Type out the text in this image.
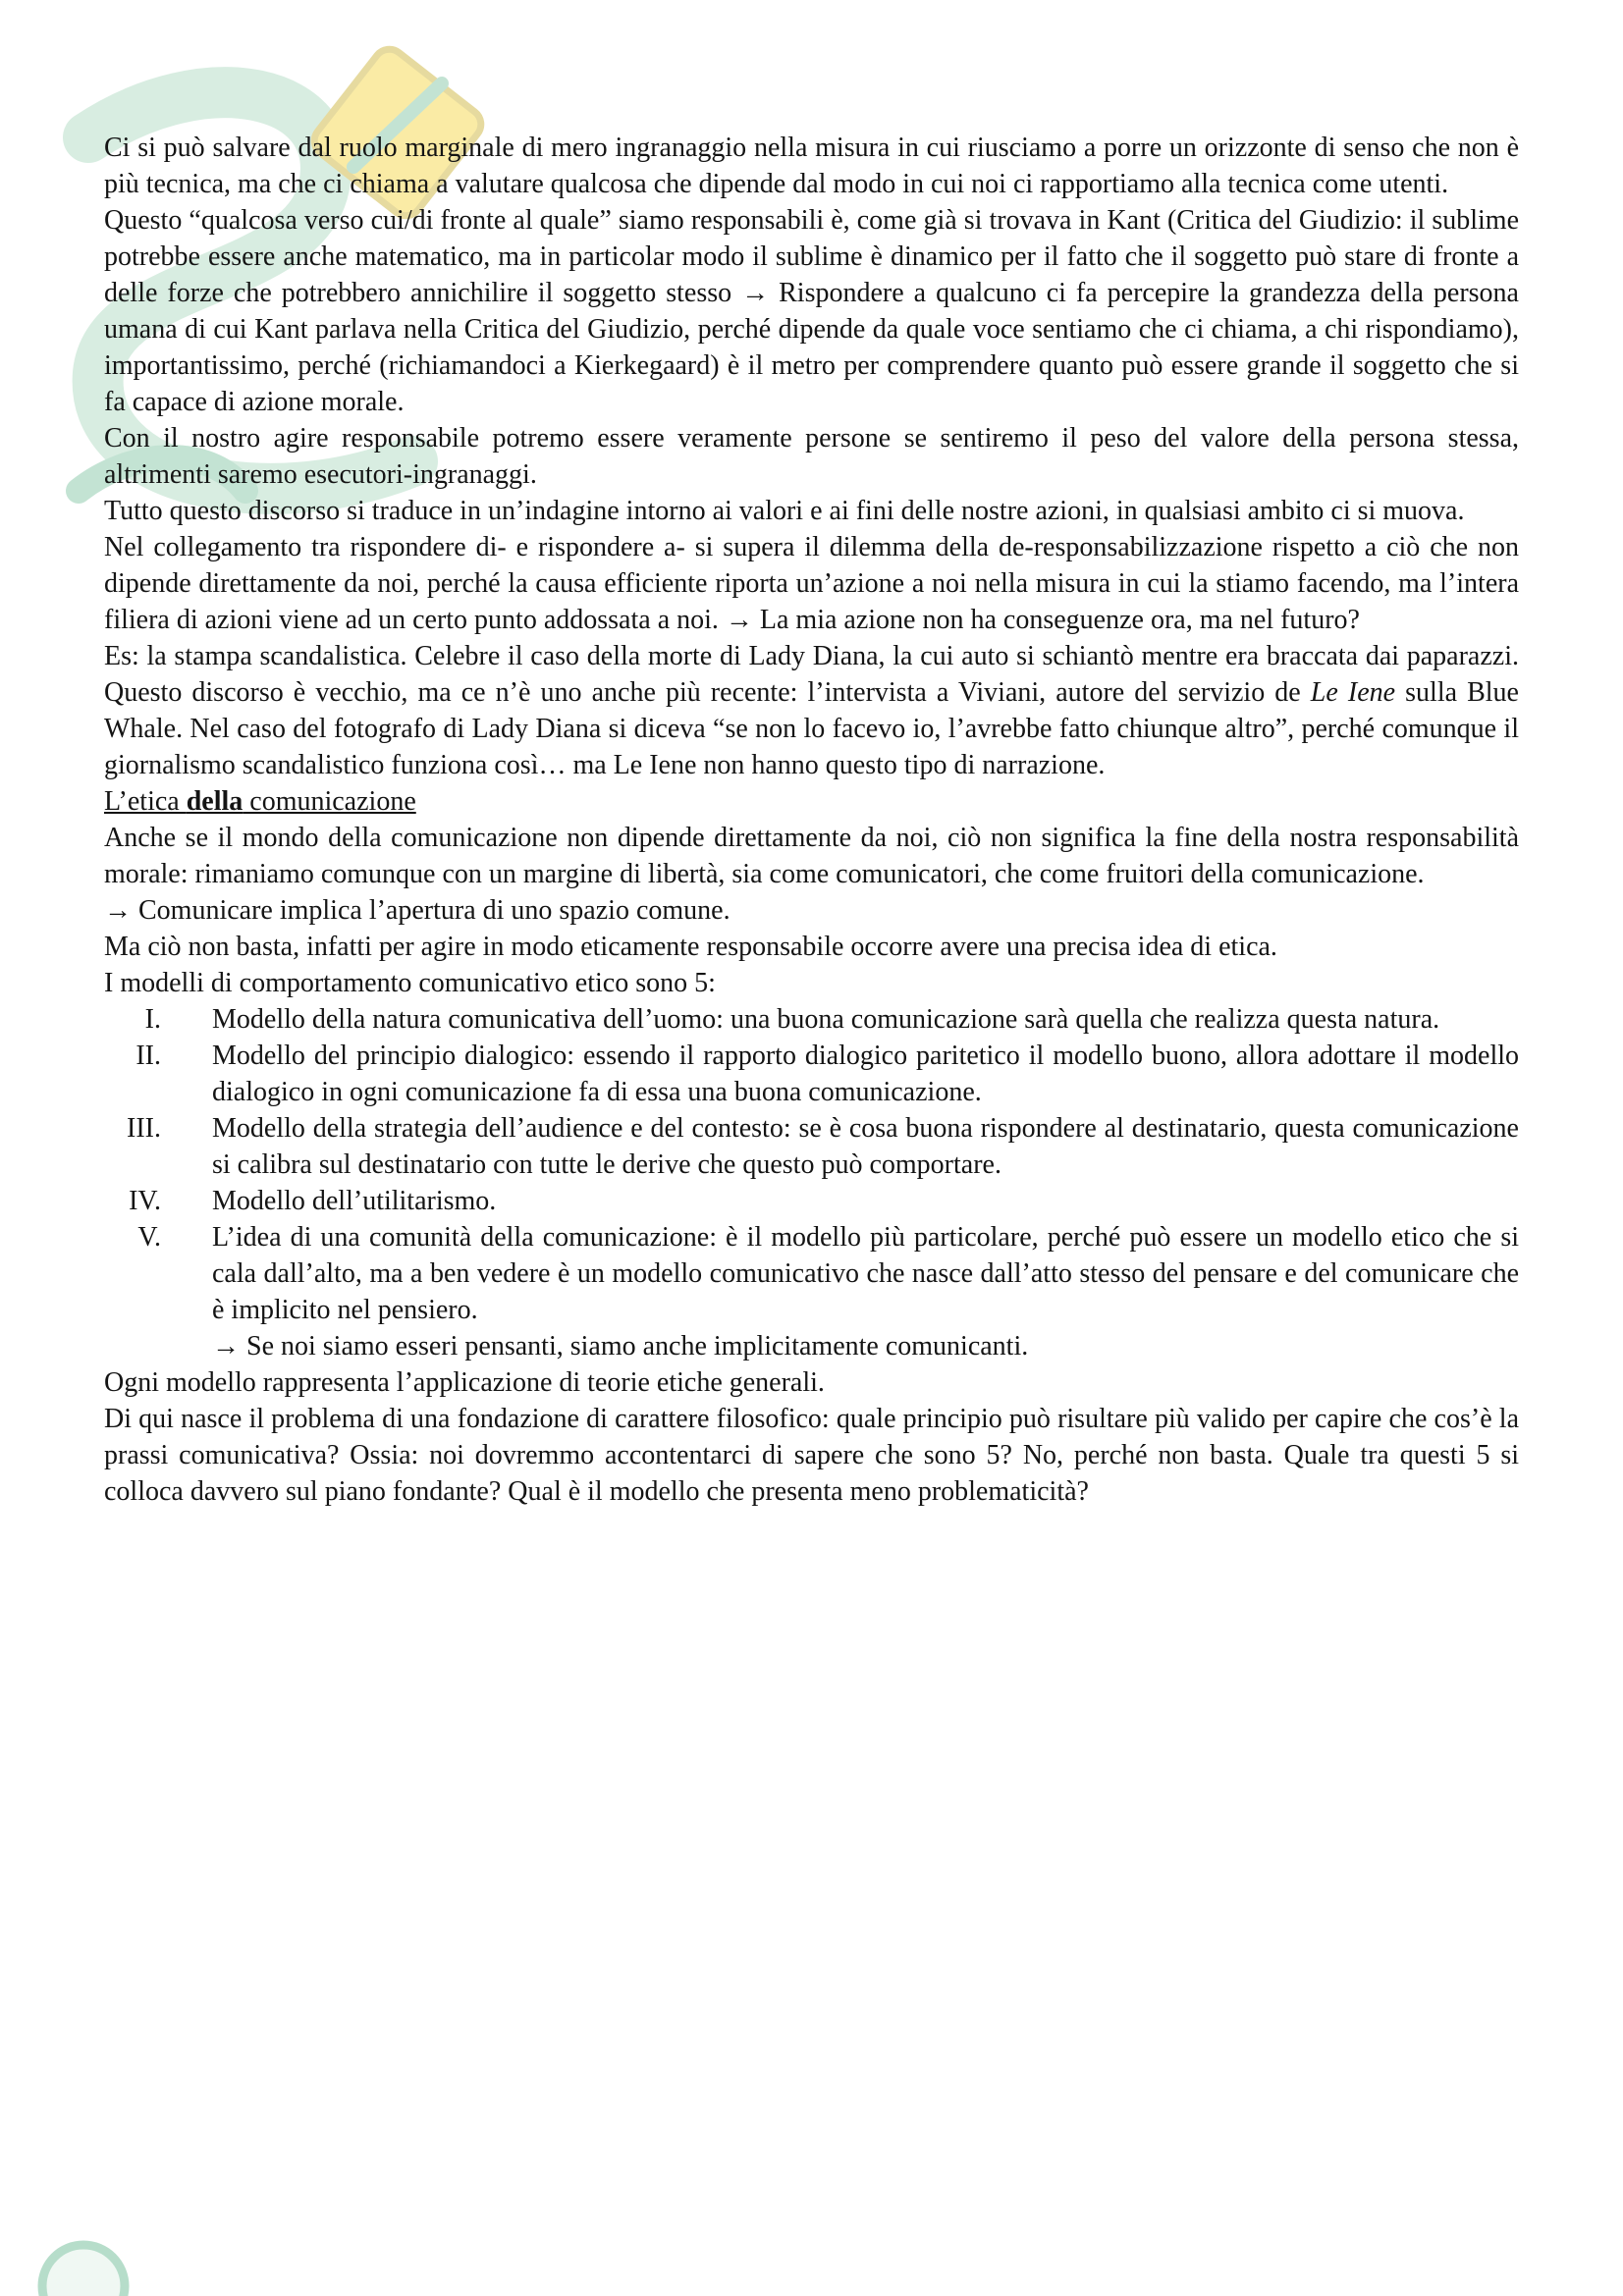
Ci si può salvare dal ruolo marginale di mero ingranaggio nella misura in cui riusciamo a porre un orizzonte di senso che non è più tecnica, ma che ci chiama a valutare qualcosa che dipende dal modo in cui noi ci rapportiamo alla tecnica come utenti.

Questo “qualcosa verso cui/di fronte al quale” siamo responsabili è, come già si trovava in Kant (Critica del Giudizio: il sublime potrebbe essere anche matematico, ma in particolar modo il sublime è dinamico per il fatto che il soggetto può stare di fronte a delle forze che potrebbero annichilire il soggetto stesso → Rispondere a qualcuno ci fa percepire la grandezza della persona umana di cui Kant parlava nella Critica del Giudizio, perché dipende da quale voce sentiamo che ci chiama, a chi rispondiamo), importantissimo, perché (richiamandoci a Kierkegaard) è il metro per comprendere quanto può essere grande il soggetto che si fa capace di azione morale.

Con il nostro agire responsabile potremo essere veramente persone se sentiremo il peso del valore della persona stessa, altrimenti saremo esecutori-ingranaggi.

Tutto questo discorso si traduce in un’indagine intorno ai valori e ai fini delle nostre azioni, in qualsiasi ambito ci si muova.

Nel collegamento tra rispondere di- e rispondere a- si supera il dilemma della de-responsabilizzazione rispetto a ciò che non dipende direttamente da noi, perché la causa efficiente riporta un’azione a noi nella misura in cui la stiamo facendo, ma l’intera filiera di azioni viene ad un certo punto addossata a noi. → La mia azione non ha conseguenze ora, ma nel futuro?

Es: la stampa scandalistica. Celebre il caso della morte di Lady Diana, la cui auto si schiantò mentre era braccata dai paparazzi. Questo discorso è vecchio, ma ce n’è uno anche più recente: l’intervista a Viviani, autore del servizio de Le Iene sulla Blue Whale. Nel caso del fotografo di Lady Diana si diceva “se non lo facevo io, l’avrebbe fatto chiunque altro”, perché comunque il giornalismo scandalistico funziona così… ma Le Iene non hanno questo tipo di narrazione.

L’etica della comunicazione

Anche se il mondo della comunicazione non dipende direttamente da noi, ciò non significa la fine della nostra responsabilità morale: rimaniamo comunque con un margine di libertà, sia come comunicatori, che come fruitori della comunicazione.

→ Comunicare implica l’apertura di uno spazio comune.

Ma ciò non basta, infatti per agire in modo eticamente responsabile occorre avere una precisa idea di etica.

I modelli di comportamento comunicativo etico sono 5:

I. Modello della natura comunicativa dell’uomo: una buona comunicazione sarà quella che realizza questa natura.
II. Modello del principio dialogico: essendo il rapporto dialogico paritetico il modello buono, allora adottare il modello dialogico in ogni comunicazione fa di essa una buona comunicazione.
III. Modello della strategia dell’audience e del contesto: se è cosa buona rispondere al destinatario, questa comunicazione si calibra sul destinatario con tutte le derive che questo può comportare.
IV. Modello dell’utilitarismo.
V. L’idea di una comunità della comunicazione: è il modello più particolare, perché può essere un modello etico che si cala dall’alto, ma a ben vedere è un modello comunicativo che nasce dall’atto stesso del pensare e del comunicare che è implicito nel pensiero.
→ Se noi siamo esseri pensanti, siamo anche implicitamente comunicanti.

Ogni modello rappresenta l’applicazione di teorie etiche generali.

Di qui nasce il problema di una fondazione di carattere filosofico: quale principio può risultare più valido per capire che cos’è la prassi comunicativa? Ossia: noi dovremmo accontentarci di sapere che sono 5? No, perché non basta. Quale tra questi 5 si colloca davvero sul piano fondante? Qual è il modello che presenta meno problematicità?
